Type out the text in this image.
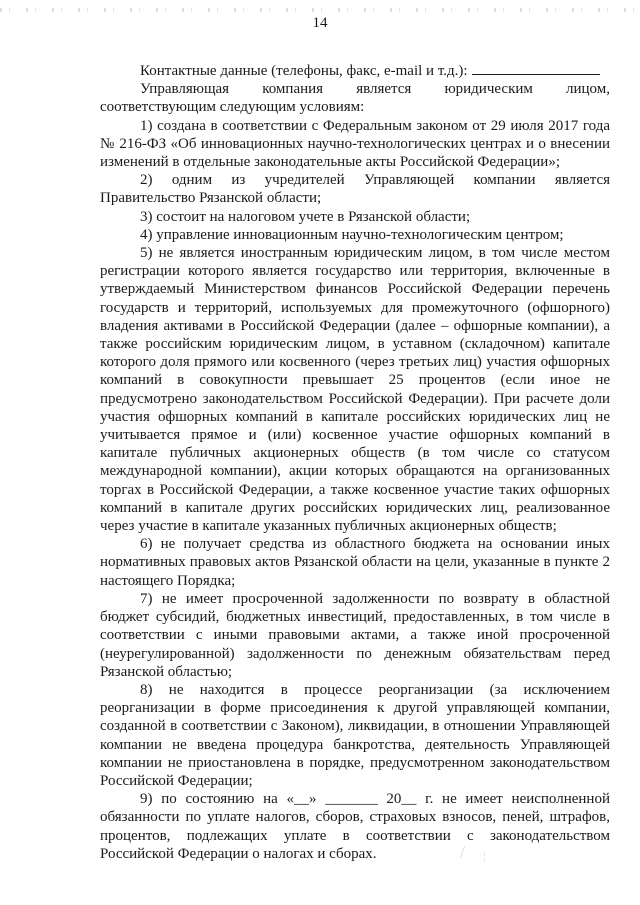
14

Контактные данные (телефоны, факс, e-mail и т.д.):

Управляющая компания является юридическим лицом, соответствующим следующим условиям:

1) создана в соответствии с Федеральным законом от 29 июля 2017 года № 216-ФЗ «Об инновационных научно-технологических центрах и о внесении изменений в отдельные законодательные акты Российской Федерации»;

2) одним из учредителей Управляющей компании является Правительство Рязанской области;

3) состоит на налоговом учете в Рязанской области;

4) управление инновационным научно-технологическим центром;

5) не является иностранным юридическим лицом, в том числе местом регистрации которого является государство или территория, включенные в утверждаемый Министерством финансов Российской Федерации перечень государств и территорий, используемых для промежуточного (офшорного) владения активами в Российской Федерации (далее – офшорные компании), а также российским юридическим лицом, в уставном (складочном) капитале которого доля прямого или косвенного (через третьих лиц) участия офшорных компаний в совокупности превышает 25 процентов (если иное не предусмотрено законодательством Российской Федерации). При расчете доли участия офшорных компаний в капитале российских юридических лиц не учитывается прямое и (или) косвенное участие офшорных компаний в капитале публичных акционерных обществ (в том числе со статусом международной компании), акции которых обращаются на организованных торгах в Российской Федерации, а также косвенное участие таких офшорных компаний в капитале других российских юридических лиц, реализованное через участие в капитале указанных публичных акционерных обществ;

6) не получает средства из областного бюджета на основании иных нормативных правовых актов Рязанской области на цели, указанные в пункте 2 настоящего Порядка;

7) не имеет просроченной задолженности по возврату в областной бюджет субсидий, бюджетных инвестиций, предоставленных, в том числе в соответствии с иными правовыми актами, а также иной просроченной (неурегулированной) задолженности по денежным обязательствам перед Рязанской областью;

8) не находится в процессе реорганизации (за исключением реорганизации в форме присоединения к другой управляющей компании, созданной в соответствии с Законом), ликвидации, в отношении Управляющей компании не введена процедура банкротства, деятельность Управляющей компании не приостановлена в порядке, предусмотренном законодательством Российской Федерации;

9) по состоянию на «__» _______ 20__ г. не имеет неисполненной обязанности по уплате налогов, сборов, страховых взносов, пеней, штрафов, процентов, подлежащих уплате в соответствии с законодательством Российской Федерации о налогах и сборах.
